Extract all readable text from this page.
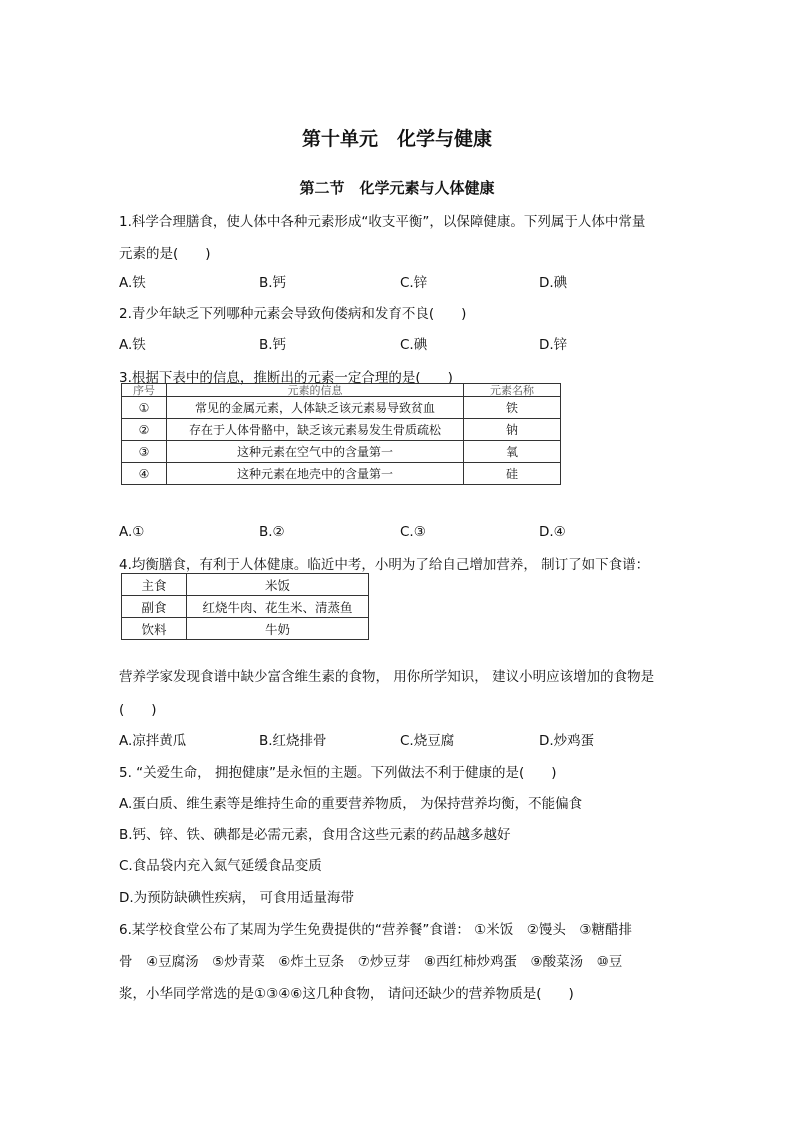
第十单元　化学与健康
第二节　化学元素与人体健康
1.科学合理膳食，使人体中各种元素形成“收支平衡”，以保障健康。下列属于人体中常量
元素的是(　　)
A.铁	B.钙	C.锌	D.碘
2.青少年缺乏下列哪种元素会导致佝偻病和发育不良(　　)
A.铁	B.钙	C.碘	D.锌
3.根据下表中的信息，推断出的元素一定合理的是(　　)
序号	元素的信息	元素名称
①	常见的金属元素，人体缺乏该元素易导致贫血	铁
②	存在于人体骨骼中，缺乏该元素易发生骨质疏松	钠
③	这种元素在空气中的含量第一	氧
④	这种元素在地壳中的含量第一	硅
A.①	B.②	C.③	D.④
4.均衡膳食，有利于人体健康。临近中考，小明为了给自己增加营养， 制订了如下食谱：
主食	米饭
副食	红烧牛肉、花生米、清蒸鱼
饮料	牛奶
营养学家发现食谱中缺少富含维生素的食物， 用你所学知识， 建议小明应该增加的食物是
(　　)
A.凉拌黄瓜	B.红烧排骨	C.烧豆腐	D.炒鸡蛋
5. “关爱生命， 拥抱健康”是永恒的主题。下列做法不利于健康的是(　　)
A.蛋白质、维生素等是维持生命的重要营养物质， 为保持营养均衡，不能偏食
B.钙、锌、铁、碘都是必需元素，食用含这些元素的药品越多越好
C.食品袋内充入氮气延缓食品变质
D.为预防缺碘性疾病， 可食用适量海带
6.某学校食堂公布了某周为学生免费提供的“营养餐”食谱： ①米饭　②馒头　③糖醋排
骨　④豆腐汤　⑤炒青菜　⑥炸土豆条　⑦炒豆芽　⑧西红柿炒鸡蛋　⑨酸菜汤　⑩豆
浆，小华同学常选的是①③④⑥这几种食物， 请问还缺少的营养物质是(　　)
